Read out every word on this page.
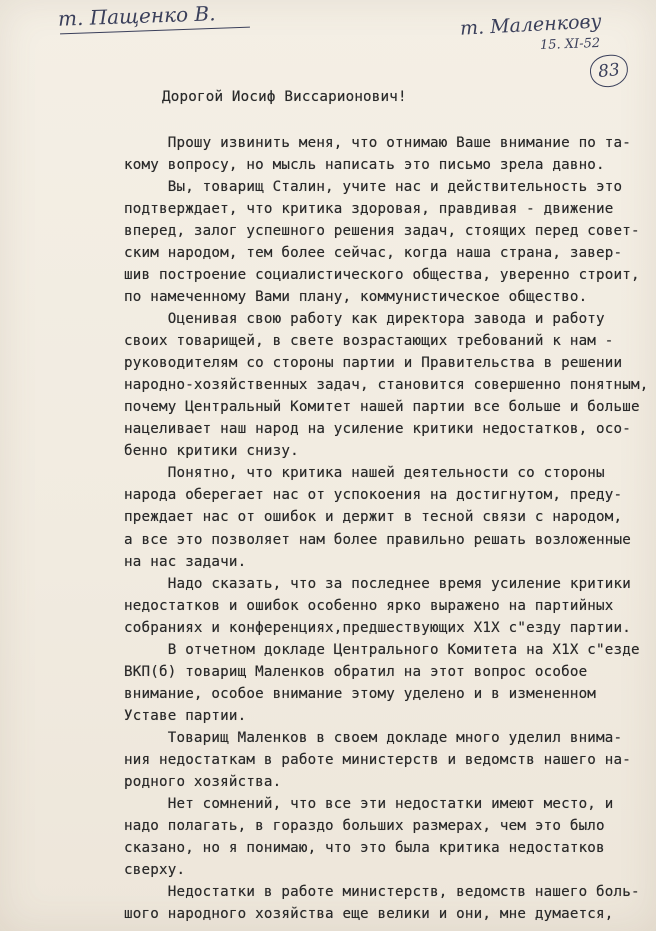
т. Пащенко В.	т. Маленкову
15. XI-52
83
Дорогой Иосиф Виссарионович!
Прошу извинить меня, что отнимаю Ваше внимание по та-
кому вопросу, но мысль написать это письмо зрела давно.
Вы, товарищ Сталин, учите нас и действительность это
подтверждает, что критика здоровая, правдивая - движение
вперед, залог успешного решения задач, стоящих перед совет-
ским народом, тем более сейчас, когда наша страна, завер-
шив построение социалистического общества, уверенно строит,
по намеченному Вами плану, коммунистическое общество.
Оценивая свою работу как директора завода и работу
своих товарищей, в свете возрастающих требований к нам -
руководителям со стороны партии и Правительства в решении
народно-хозяйственных задач, становится совершенно понятным,
почему Центральный Комитет нашей партии все больше и больше
нацеливает наш народ на усиление критики недостатков, осо-
бенно критики снизу.
Понятно, что критика нашей деятельности со стороны
народа оберегает нас от успокоения на достигнутом, преду-
преждает нас от ошибок и держит в тесной связи с народом,
а все это позволяет нам более правильно решать возложенные
на нас задачи.
Надо сказать, что за последнее время усиление критики
недостатков и ошибок особенно ярко выражено на партийных
собраниях и конференциях,предшествующих Х1Х с"езду партии.
В отчетном докладе Центрального Комитета на Х1Х с"езде
ВКП(б) товарищ Маленков обратил на этот вопрос особое
внимание, особое внимание этому уделено и в измененном
Уставе партии.
Товарищ Маленков в своем докладе много уделил внима-
ния недостаткам в работе министерств и ведомств нашего на-
родного хозяйства.
Нет сомнений, что все эти недостатки имеют место, и
надо полагать, в гораздо больших размерах, чем это было
сказано, но я понимаю, что это была критика недостатков
сверху.
Недостатки в работе министерств, ведомств нашего боль-
шого народного хозяйства еще велики и они, мне думается,
